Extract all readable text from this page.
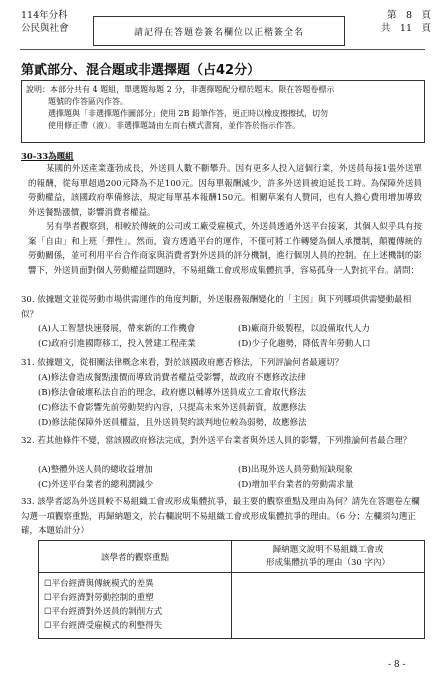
114年分科
公民與社會	請記得在答題卷簽名欄位以正楷簽全名
第　8　頁
共　11　頁
第貳部分、混合題或非選擇題（占42分）

說明：本部分共有 4 題組，單選題每題 2 分，非選擇題配分標於題末。限在答題卷標示

題號的作答區內作答。

選擇題與「非選擇題作圖部分」使用 2B 鉛筆作答，更正時以橡皮擦擦拭，切勿

使用修正帶（液）。非選擇題請由左而右橫式書寫，並作答於指示作答。

30-33為題組
某國的外送產業蓬勃成長，外送員人數不斷攀升。因有更多人投入這個行業，外送員每接1張外送單的報酬，從每單超過200元降為不足100元。因每單報酬減少，許多外送員被迫延長工時。為保障外送員勞動權益，該國政府準備修法，規定每單基本報酬150元。相關草案有人贊同，也有人擔心費用增加導致外送餐點漲價，影響消費者權益。
另有學者觀察到，相較於傳統的公司或工廠受雇模式，外送員透過外送平台接案，其個人似乎具有按案「自由」和上班「彈性」。然而，資方透過平台的運作，不僅可將工作轉變為個人承攬制，顛覆傳統的勞動關係，並可利用平台合作商家與消費者對外送員的評分機制，進行個別人員的控制。在上述機制的影響下，外送員面對個人勞動權益問題時，不易組織工會或形成集體抗爭，容易孤身一人對抗平台。請問：
30. 依據題文並從勞動市場供需運作的角度判斷，外送服務報酬變化的「主因」與下列哪項供需變動最相似？
(A)人工智慧快速發展，帶來新的工作機會	(B)廠商升級製程，以設備取代人力
(C)政府引進國際移工，投入營建工程產業	(D)少子化趨勢，降低青年勞動人口
31. 依據題文，從相關法律概念來看，對於該國政府應否修法，下列評論何者最適切？
(A)修法會造成餐點漲價而導致消費者權益受影響，故政府不應修改法律
(B)修法會破壞私法自治的理念，政府應以輔導外送員成立工會取代修法
(C)修法不會影響先前勞動契約內容，只提高未來外送員薪資，故應修法
(D)修法能保障外送員權益，且外送員契約談判地位較為弱勢，故應修法
32. 若其他條件不變，當該國政府修法完成，對外送平台業者與外送人員的影響，下列推論何者最合理？
(A)整體外送人員的總收益增加	(B)出現外送人員勞動短缺現象
(C)外送平台業者的總利潤減少	(D)增加平台業者的勞動需求量
33. 該學者認為外送員較不易組織工會或形成集體抗爭，最主要的觀察重點及理由為何？請先在答題卷左欄勾選一項觀察重點，再歸納題文，於右欄說明不易組織工會或形成集體抗爭的理由。（6 分；左欄須勾選正確，本題始計分）
該學者的觀察重點	歸納題文說明不易組織工會或
形成集體抗爭的理由（30 字內）

☐平台經濟與傳統模式的差異
☐平台經濟對勞動控制的重塑
☐平台經濟對外送員的剝削方式
☐平台經濟受雇模式的利整得失	

- 8 -
